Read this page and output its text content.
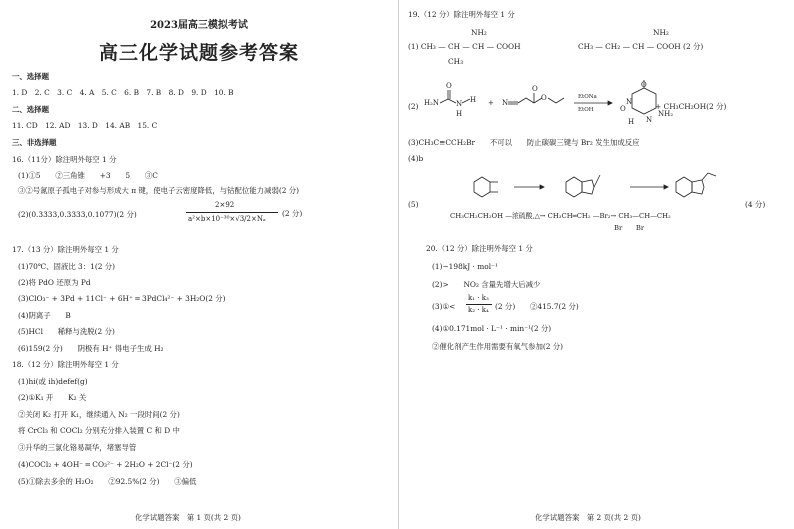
2023届高三模拟考试
高三化学试题参考答案
一、选择题
1. D　2. C　3. C　4. A　5. C　6. B　7. B　8. D　9. D　10. B
二、选择题
11. CD　12. AD　13. D　14. AB　15. C
三、非选择题
16.（11分）除注明外每空 1 分
(1)①5　　②三角锥　　+3　　5　　③C
③②号氮原子孤电子对参与形成大 π 键，使电子云密度降低，与钴配位能力减弱(2 分)
(2)(0.3333,0.3333,0.1077)(2 分)
2×92
a²×b×10⁻³⁰×√3/2×Nₐ
(2 分)
17.（13 分）除注明外每空 1 分
(1)70℃、固液比 3：1(2 分)
(2)将 PdO 还原为 Pd
(3)ClO₃⁻ + 3Pd + 11Cl⁻ + 6H⁺ ═ 3PdCl₄²⁻ + 3H₂O(2 分)
(4)阴离子　　B
(5)HCl　　稀释与洗脱(2 分)
(6)159(2 分)　　阴极有 H⁺ 得电子生成 H₂
18.（12 分）除注明外每空 1 分
(1)hi(或 ih)defef(g)
(2)①K₁ 开　　K₂ 关
②关闭 K₂ 打开 K₁，继续通入 N₂ 一段时间(2 分)
将 CrCl₃ 和 COCl₂ 分别充分排入装置 C 和 D 中
③升华的三氯化铬易凝华，堵塞导管
(4)COCl₂ + 4OH⁻ ═ CO₃²⁻ + 2H₂O + 2Cl⁻(2 分)
(5)①除去多余的 H₂O₂　　②92.5%(2 分)　　③偏低
化学试题答案　第 1 页(共 2 页)
19.（12 分）除注明外每空 1 分
NH₂
(1) CH₃ — CH — CH — COOH
CH₃
NH₂
CH₃ — CH₂ — CH — COOH (2 分)
(2) H₂N
O
N
H
H + N
O
O	EtONa
EtOH
O
O
N
H
NH₂
N
+ CH₃CH₂OH(2 分)
(3)CH₃C≡CCH₂Br　　不可以　　防止碳碳三键与 Br₂ 发生加成反应
(4)b
(5)
CH₃CH₂CH₂OH —浓硫酸,△→ CH₃CH═CH₂ —Br₂→ CH₃—CH—CH₂
Br　　Br
(4 分)
20.（12 分）除注明外每空 1 分
(1)−198kJ · mol⁻¹
(2)>　　NO₂ 含量先增大后减少
(3)①<
k₁ · k₃
k₂ · k₄ (2 分)　　②415.7(2 分)
(4)①0.171mol · L⁻¹ · min⁻¹(2 分)
②催化剂产生作用需要有氧气参加(2 分)
化学试题答案　第 2 页(共 2 页)
